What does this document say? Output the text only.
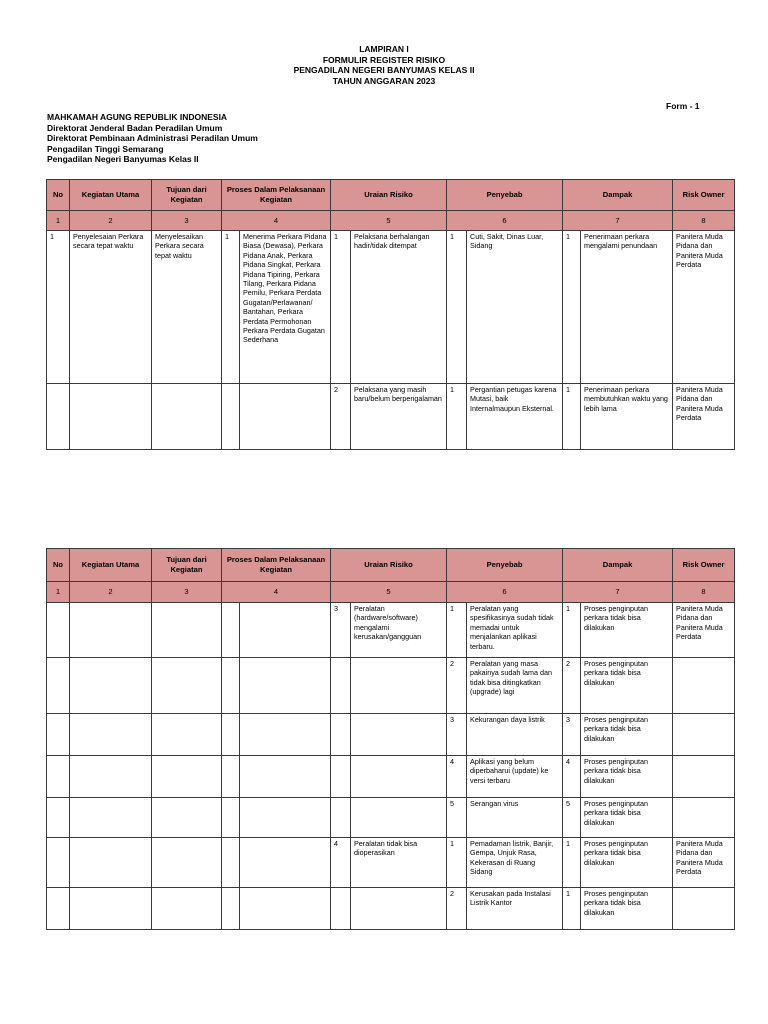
LAMPIRAN I
FORMULIR REGISTER RISIKO
PENGADILAN NEGERI BANYUMAS KELAS II
TAHUN ANGGARAN 2023
Form - 1
MAHKAMAH AGUNG REPUBLIK INDONESIA
Direktorat Jenderal Badan Peradilan Umum
Direktorat Pembinaan Administrasi Peradilan Umum
Pengadilan Tinggi Semarang
Pengadilan Negeri Banyumas Kelas II
No	Kegiatan Utama	Tujuan dari Kegiatan	Proses Dalam Pelaksanaan Kegiatan		Uraian Risiko		Penyebab		Dampak		Risk Owner
1	2	3	4		5		6		7		8
1	Penyelesaian Perkara secara tepat waktu	Menyelesaikan Perkara secara tepat waktu	1	Menerima Perkara Pidana Biasa (Dewasa), Perkara Pidana Anak, Perkara Pidana Singkat, Perkara Pidana Tipiring, Perkara Tilang, Perkara Pidana Pemilu, Perkara Perdata Gugatan/Perlawanan/ Bantahan, Perkara Perdata Permohonan Perkara Perdata Gugatan Sederhana	1	Pelaksana berhalangan hadir/tidak ditempat	1	Cuti, Sakit, Dinas Luar, Sidang	1	Penerimaan perkara mengalami penundaan	Panitera Muda Pidana dan Panitera Muda Perdata
					2	Pelaksana yang masih baru/belum berpengalaman	1	Pergantian petugas karena Mutasi, baik Internalmaupun Eksternal.	1	Penerimaan perkara membutuhkan waktu yang lebih lama	Panitera Muda Pidana dan Panitera Muda Perdata
No	Kegiatan Utama	Tujuan dari Kegiatan	Proses Dalam Pelaksanaan Kegiatan		Uraian Risiko		Penyebab		Dampak		Risk Owner
1	2	3	4		5		6		7		8
					3	Peralatan (hardware/software) mengalami kerusakan/gangguan	1	Peralatan yang spesifikasinya sudah tidak memadai untuk menjalankan aplikasi terbaru.	1	Proses penginputan perkara tidak bisa dilakukan	Panitera Muda Pidana dan Panitera Muda Perdata
							2	Peralatan yang masa pakainya sudah lama dan tidak bisa ditingkatkan (upgrade) lagi	2	Proses penginputan perkara tidak bisa dilakukan	
							3	Kekurangan daya listrik	3	Proses penginputan perkara tidak bisa dilakukan	
							4	Aplikasi yang belum diperbaharui (update) ke versi terbaru	4	Proses penginputan perkara tidak bisa dilakukan	
							5	Serangan virus	5	Proses penginputan perkara tidak bisa dilakukan	
					4	Peralatan tidak bisa dioperasikan	1	Pemadaman listrik, Banjir, Gempa, Unjuk Rasa, Kekerasan di Ruang Sidang	1	Proses penginputan perkara tidak bisa dilakukan	Panitera Muda Pidana dan Panitera Muda Perdata
							2	Kerusakan pada Instalasi Listrik Kantor	1	Proses penginputan perkara tidak bisa dilakukan	
